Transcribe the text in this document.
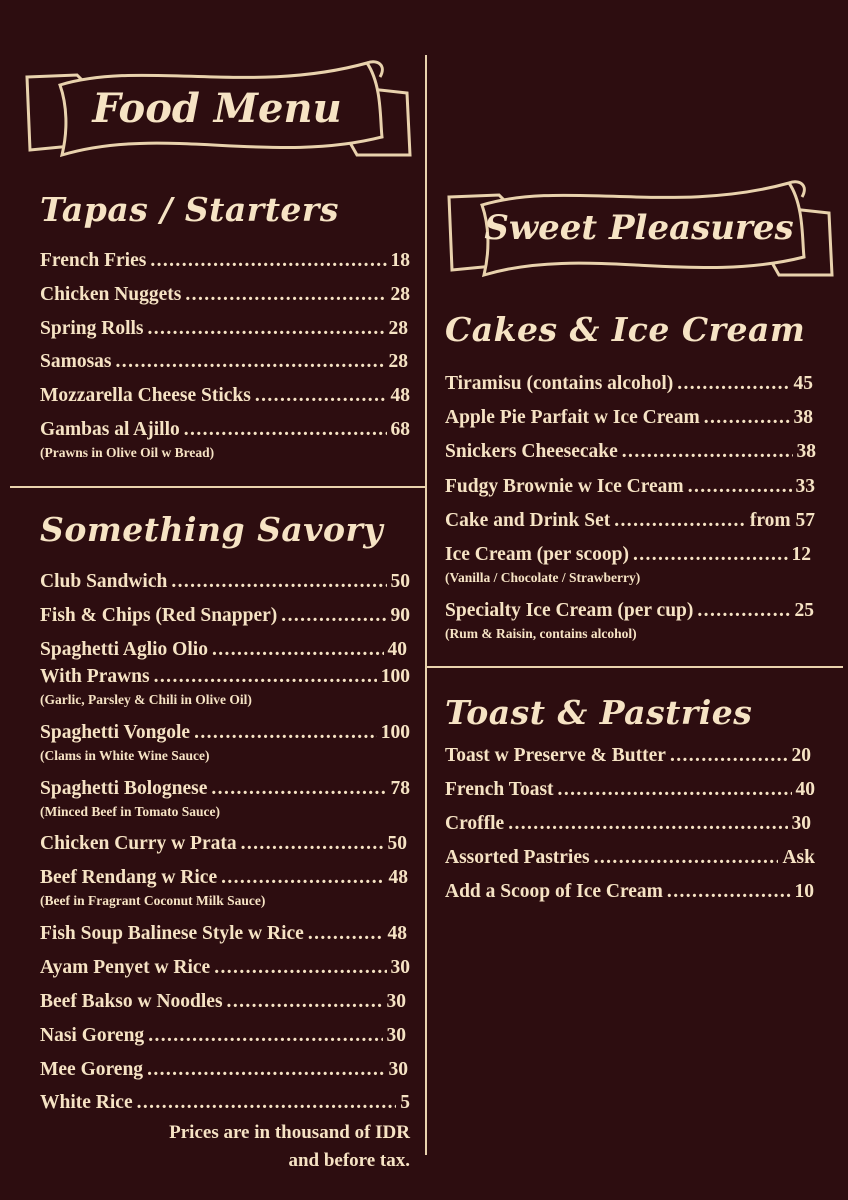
Food Menu
Sweet Pleasures
Tapas / Starters
Something Savory
Cakes & Ice Cream
Toast & Pastries
French Fries .....	18
Chicken Nuggets .....	28
Spring Rolls .....	28
Samosas .....	28
Mozzarella Cheese Sticks .....	48
Gambas al Ajillo .....	68
(Prawns in Olive Oil w Bread)
Club Sandwich .....	50
Fish & Chips (Red Snapper) .....	90
Spaghetti Aglio Olio .....	40
With Prawns .....	100
(Garlic, Parsley & Chili in Olive Oil)
Spaghetti Vongole .....	100
(Clams in White Wine Sauce)
Spaghetti Bolognese .....	78
(Minced Beef in Tomato Sauce)
Chicken Curry w Prata .....	50
Beef Rendang w Rice .....	48
(Beef in Fragrant Coconut Milk Sauce)
Fish Soup Balinese Style w Rice .....	48
Ayam Penyet w Rice .....	30
Beef Bakso w Noodles .....	30
Nasi Goreng .....	30
Mee Goreng .....	30
White Rice .....	5
Prices are in thousand of IDR
and before tax.
Tiramisu (contains alcohol) .....	45
Apple Pie Parfait w Ice Cream .....	38
Snickers Cheesecake .....	38
Fudgy Brownie w Ice Cream .....	33
Cake and Drink Set .....	from 57
Ice Cream (per scoop) .....	12
(Vanilla / Chocolate / Strawberry)
Specialty Ice Cream (per cup) .....	25
(Rum & Raisin, contains alcohol)
Toast w Preserve & Butter .....	20
French Toast .....	40
Croffle .....	30
Assorted Pastries .....	Ask
Add a Scoop of Ice Cream .....	10
